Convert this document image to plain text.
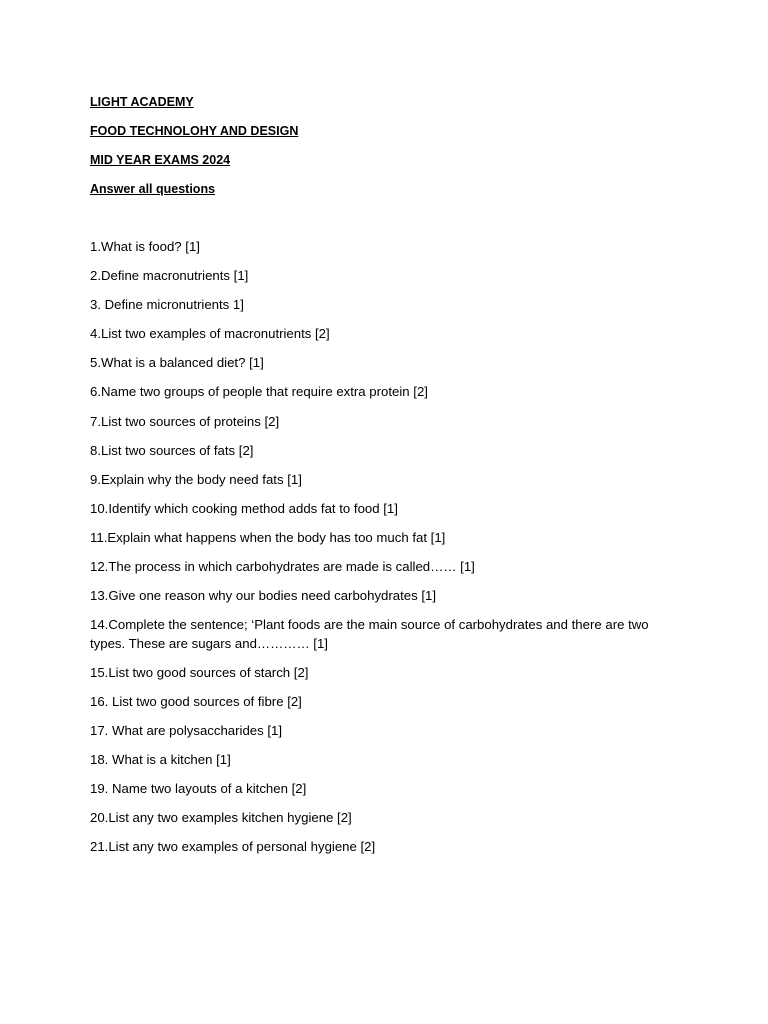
LIGHT ACADEMY
FOOD TECHNOLOHY AND DESIGN
MID YEAR EXAMS 2024
Answer all questions
1.What is food? [1]
2.Define macronutrients [1]
3. Define micronutrients 1]
4.List two examples of macronutrients [2]
5.What is a balanced diet? [1]
6.Name two groups of people that require extra protein [2]
7.List two sources of proteins [2]
8.List two sources of fats [2]
9.Explain why the body need fats [1]
10.Identify which cooking method adds fat to food [1]
11.Explain what happens when the body has too much fat [1]
12.The process in which carbohydrates are made is called…… [1]
13.Give one reason why our bodies need carbohydrates [1]
14.Complete the sentence; ‘Plant foods are the main source of carbohydrates and there are two types. These are sugars and………… [1]
15.List two good sources of starch [2]
16. List two good sources of fibre [2]
17. What are polysaccharides [1]
18. What is a kitchen [1]
19. Name two layouts of a kitchen [2]
20.List any two examples kitchen hygiene [2]
21.List any two examples of personal hygiene [2]
